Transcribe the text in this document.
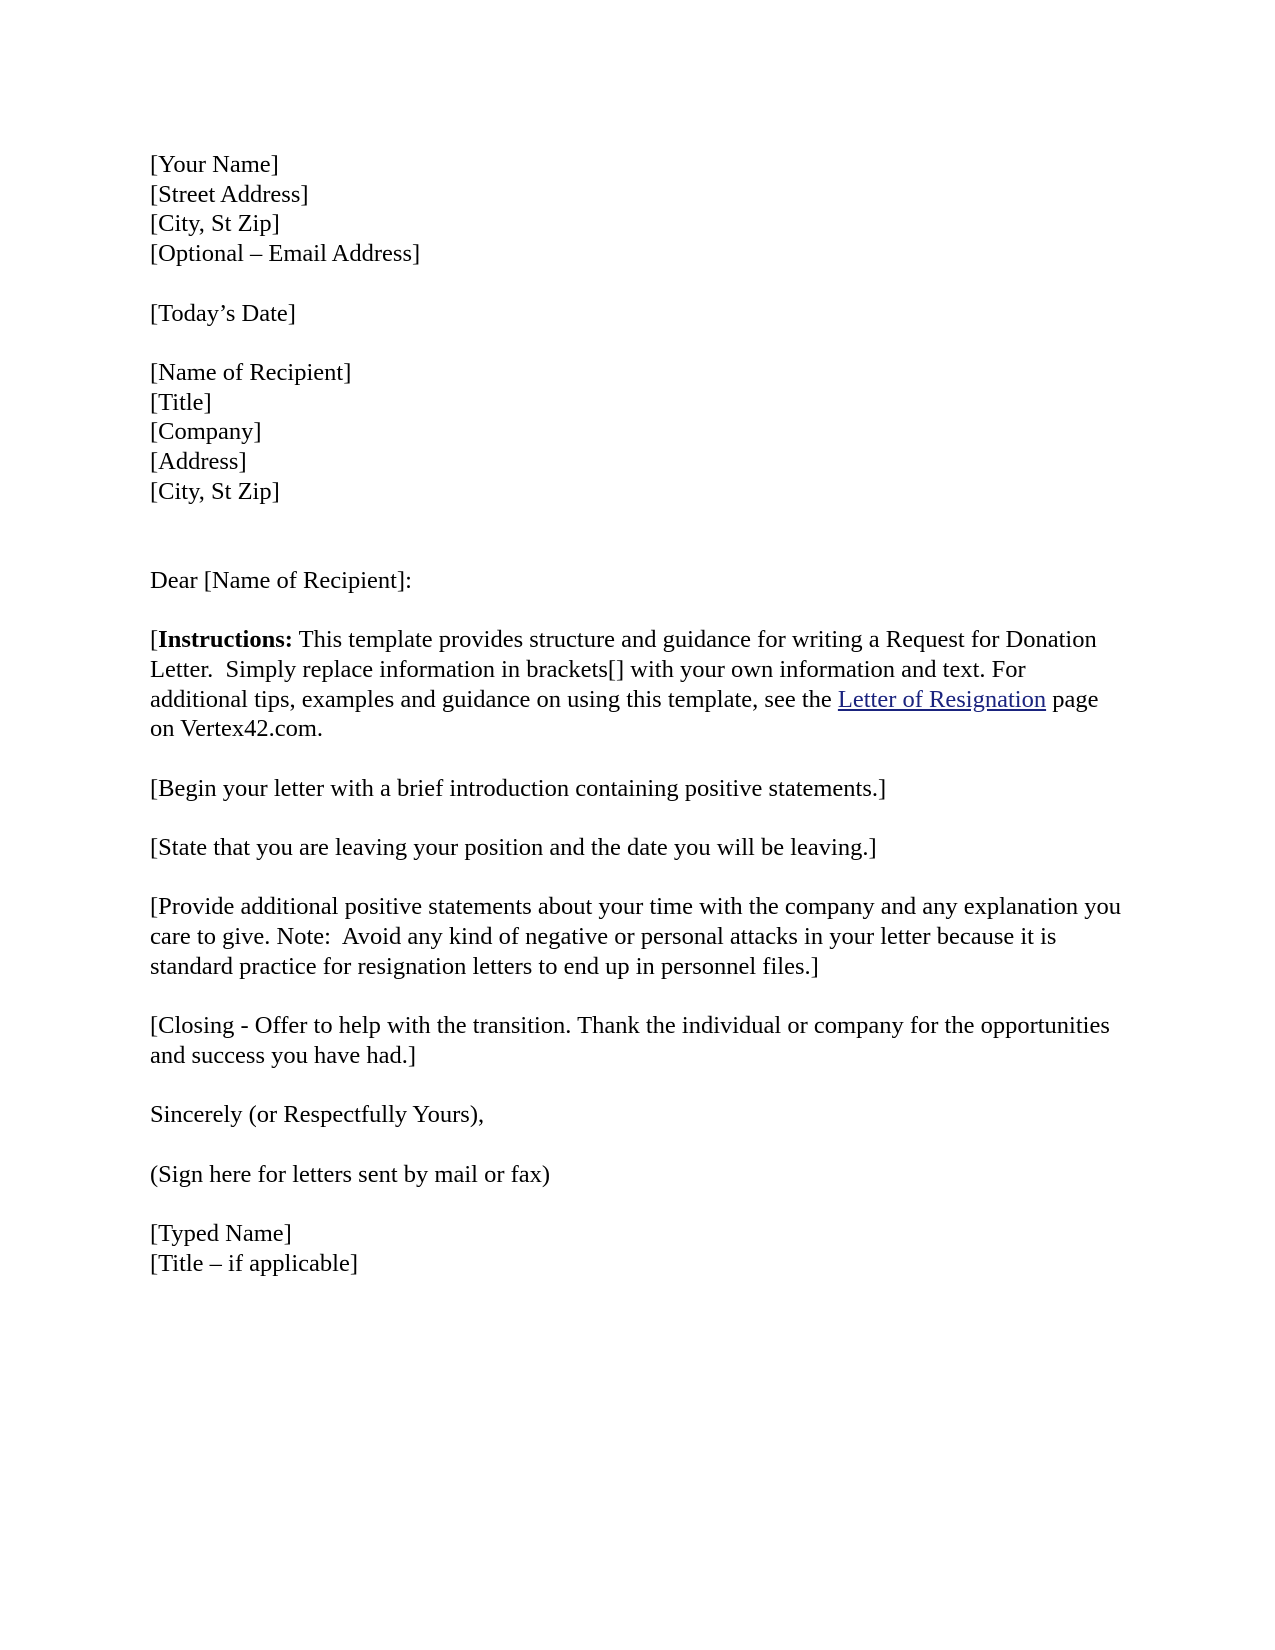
[Your Name]
[Street Address]
[City, St Zip]
[Optional – Email Address]
[Today’s Date]
[Name of Recipient]
[Title]
[Company]
[Address]
[City, St Zip]
Dear [Name of Recipient]:

[Instructions: This template provides structure and guidance for writing a Request for Donation Letter.  Simply replace information in brackets[] with your own information and text. For additional tips, examples and guidance on using this template, see the Letter of Resignation page on Vertex42.com.

[Begin your letter with a brief introduction containing positive statements.]

[State that you are leaving your position and the date you will be leaving.]

[Provide additional positive statements about your time with the company and any explanation you care to give. Note:  Avoid any kind of negative or personal attacks in your letter because it is standard practice for resignation letters to end up in personnel files.]

[Closing - Offer to help with the transition. Thank the individual or company for the opportunities and success you have had.]

Sincerely (or Respectfully Yours),
(Sign here for letters sent by mail or fax)
[Typed Name]
[Title – if applicable]
